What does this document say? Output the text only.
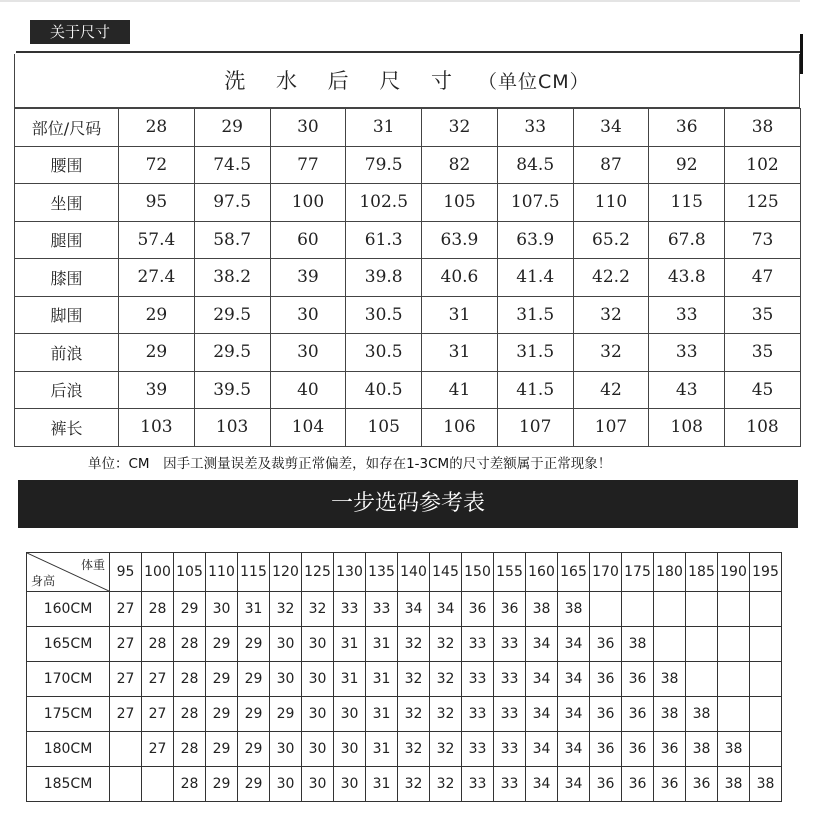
关于尺寸
洗 水 后 尺 寸 （单位CM）
部位/尺码	28	29	30	31	32	33	34	36	38
腰围	72	74.5	77	79.5	82	84.5	87	92	102
坐围	95	97.5	100	102.5	105	107.5	110	115	125
腿围	57.4	58.7	60	61.3	63.9	63.9	65.2	67.8	73
膝围	27.4	38.2	39	39.8	40.6	41.4	42.2	43.8	47
脚围	29	29.5	30	30.5	31	31.5	32	33	35
前浪	29	29.5	30	30.5	31	31.5	32	33	35
后浪	39	39.5	40	40.5	41	41.5	42	43	45
裤长	103	103	104	105	106	107	107	108	108
单位：CM　因手工测量误差及裁剪正常偏差，如存在1-3CM的尺寸差额属于正常现象！
一步选码参考表
体重
身高	95	100	105	110	115	120	125	130	135	140	145	150	155	160	165	170	175	180	185	190	195
160CM	27	28	29	30	31	32	32	33	33	34	34	36	36	38	38						
165CM	27	28	28	29	29	30	30	31	31	32	32	33	33	34	34	36	38				
170CM	27	27	28	29	29	30	30	31	31	32	32	33	33	34	34	36	36	38			
175CM	27	27	28	29	29	29	30	30	31	32	32	33	33	34	34	36	36	38	38		
180CM		27	28	29	29	30	30	30	31	32	32	33	33	34	34	36	36	36	38	38	
185CM			28	29	29	30	30	30	31	32	32	33	33	34	34	36	36	36	36	38	38
